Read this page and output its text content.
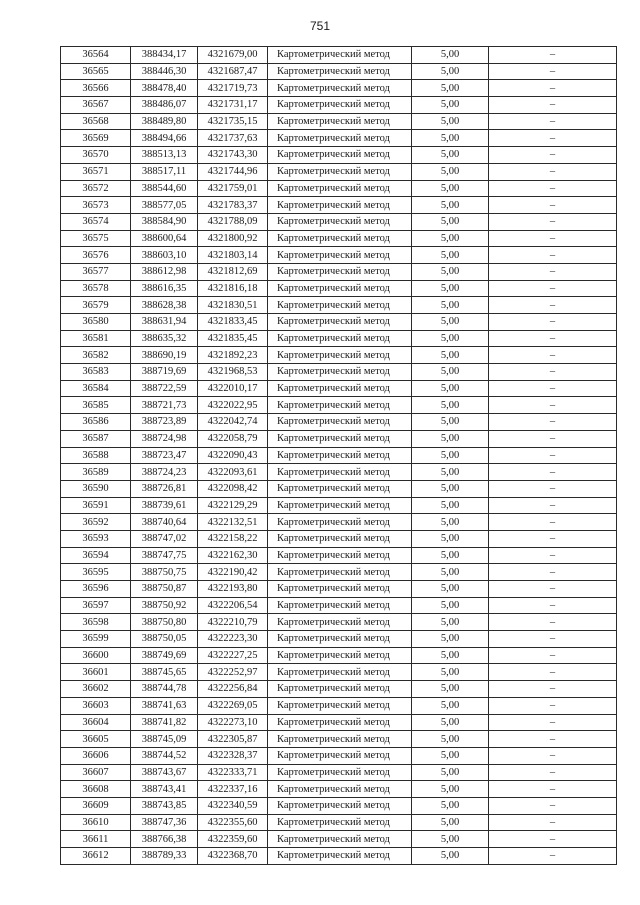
751
36564	388434,17	4321679,00	Картометрический метод	5,00	–
36565	388446,30	4321687,47	Картометрический метод	5,00	–
36566	388478,40	4321719,73	Картометрический метод	5,00	–
36567	388486,07	4321731,17	Картометрический метод	5,00	–
36568	388489,80	4321735,15	Картометрический метод	5,00	–
36569	388494,66	4321737,63	Картометрический метод	5,00	–
36570	388513,13	4321743,30	Картометрический метод	5,00	–
36571	388517,11	4321744,96	Картометрический метод	5,00	–
36572	388544,60	4321759,01	Картометрический метод	5,00	–
36573	388577,05	4321783,37	Картометрический метод	5,00	–
36574	388584,90	4321788,09	Картометрический метод	5,00	–
36575	388600,64	4321800,92	Картометрический метод	5,00	–
36576	388603,10	4321803,14	Картометрический метод	5,00	–
36577	388612,98	4321812,69	Картометрический метод	5,00	–
36578	388616,35	4321816,18	Картометрический метод	5,00	–
36579	388628,38	4321830,51	Картометрический метод	5,00	–
36580	388631,94	4321833,45	Картометрический метод	5,00	–
36581	388635,32	4321835,45	Картометрический метод	5,00	–
36582	388690,19	4321892,23	Картометрический метод	5,00	–
36583	388719,69	4321968,53	Картометрический метод	5,00	–
36584	388722,59	4322010,17	Картометрический метод	5,00	–
36585	388721,73	4322022,95	Картометрический метод	5,00	–
36586	388723,89	4322042,74	Картометрический метод	5,00	–
36587	388724,98	4322058,79	Картометрический метод	5,00	–
36588	388723,47	4322090,43	Картометрический метод	5,00	–
36589	388724,23	4322093,61	Картометрический метод	5,00	–
36590	388726,81	4322098,42	Картометрический метод	5,00	–
36591	388739,61	4322129,29	Картометрический метод	5,00	–
36592	388740,64	4322132,51	Картометрический метод	5,00	–
36593	388747,02	4322158,22	Картометрический метод	5,00	–
36594	388747,75	4322162,30	Картометрический метод	5,00	–
36595	388750,75	4322190,42	Картометрический метод	5,00	–
36596	388750,87	4322193,80	Картометрический метод	5,00	–
36597	388750,92	4322206,54	Картометрический метод	5,00	–
36598	388750,80	4322210,79	Картометрический метод	5,00	–
36599	388750,05	4322223,30	Картометрический метод	5,00	–
36600	388749,69	4322227,25	Картометрический метод	5,00	–
36601	388745,65	4322252,97	Картометрический метод	5,00	–
36602	388744,78	4322256,84	Картометрический метод	5,00	–
36603	388741,63	4322269,05	Картометрический метод	5,00	–
36604	388741,82	4322273,10	Картометрический метод	5,00	–
36605	388745,09	4322305,87	Картометрический метод	5,00	–
36606	388744,52	4322328,37	Картометрический метод	5,00	–
36607	388743,67	4322333,71	Картометрический метод	5,00	–
36608	388743,41	4322337,16	Картометрический метод	5,00	–
36609	388743,85	4322340,59	Картометрический метод	5,00	–
36610	388747,36	4322355,60	Картометрический метод	5,00	–
36611	388766,38	4322359,60	Картометрический метод	5,00	–
36612	388789,33	4322368,70	Картометрический метод	5,00	–
